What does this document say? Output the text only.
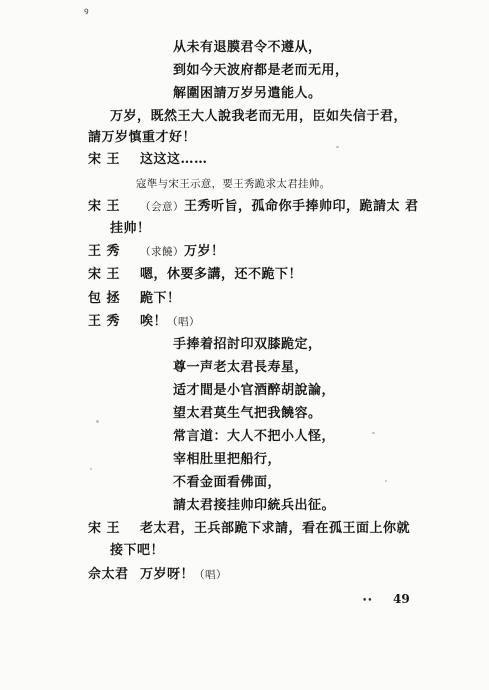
ꝰ
从未有退膜君令不遵从，
到如今天波府都是老而无用，
解圍困請万岁另遣能人。
万岁，既然王大人說我老而无用，臣如失信于君，
請万岁慎重才好！
宋 王 这这这……
寇準与宋王示意，要王秀跪求太君挂帅。
宋 王 （会意）王秀听旨，孤命你手捧帅印，跪請太 君
挂帅！
王 秀 （求饒）万岁！
宋 王 嗯，休要多講，还不跪下！
包 拯 跪下！
王 秀 唉！（唱）
手捧着招討印双膝跪定，
尊一声老太君長寿星，
适才間是小官酒醉胡說論，
望太君莫生气把我饒容。
常言道：大人不把小人怪，
宰相肚里把船行，
不看金面看佛面，
請太君接挂帅印統兵出征。
宋 王 老太君，王兵部跪下求請，看在孤王面上你就
接下吧！
佘太君 万岁呀！（唱）
•• 49
